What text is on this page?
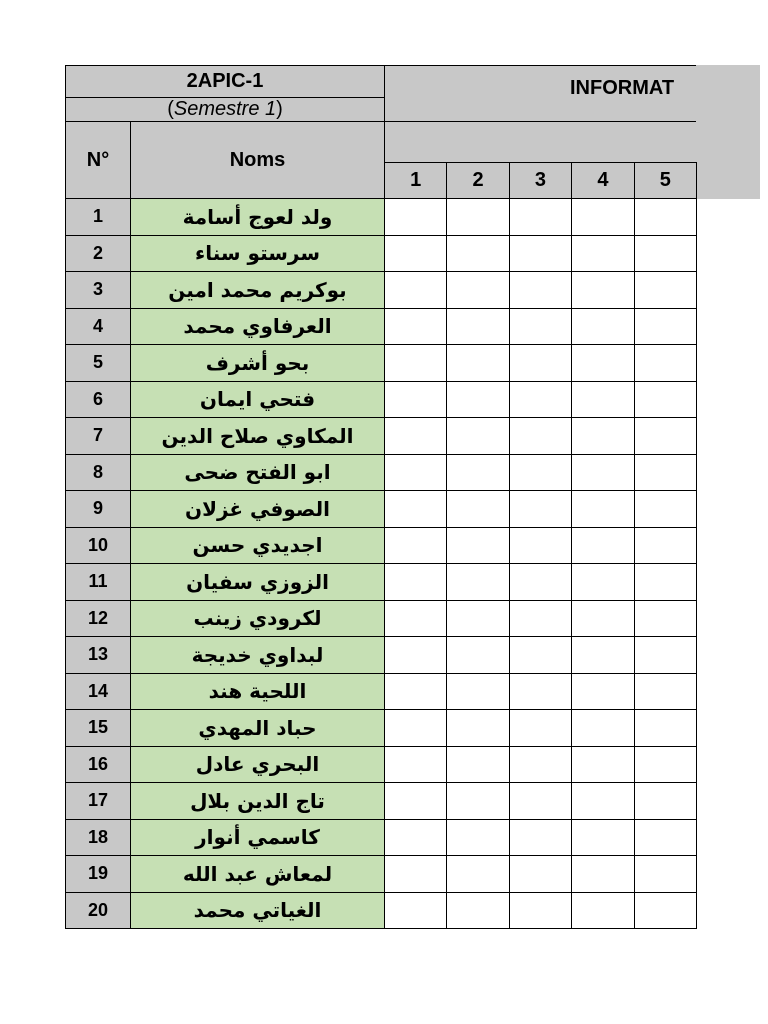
2APIC-1
( Semestre 1 )
N°	Noms
INFORMAT
1	2	3	4	5
1	ولد لعوج أسامة
2	سرستو سناء
3	بوكريم محمد امين
4	العرفاوي محمد
5	بحو أشرف
6	فتحي ايمان
7	المكاوي صلاح الدين
8	ابو الفتح ضحى
9	الصوفي غزلان
10	اجديدي حسن
11	الزوزي سفيان
12	لكرودي زينب
13	لبداوي خديجة
14	اللحية هند
15	حباد المهدي
16	البحري عادل
17	تاج الدين بلال
18	كاسمي أنوار
19	لمعاش عبد الله
20	الغياتي محمد
